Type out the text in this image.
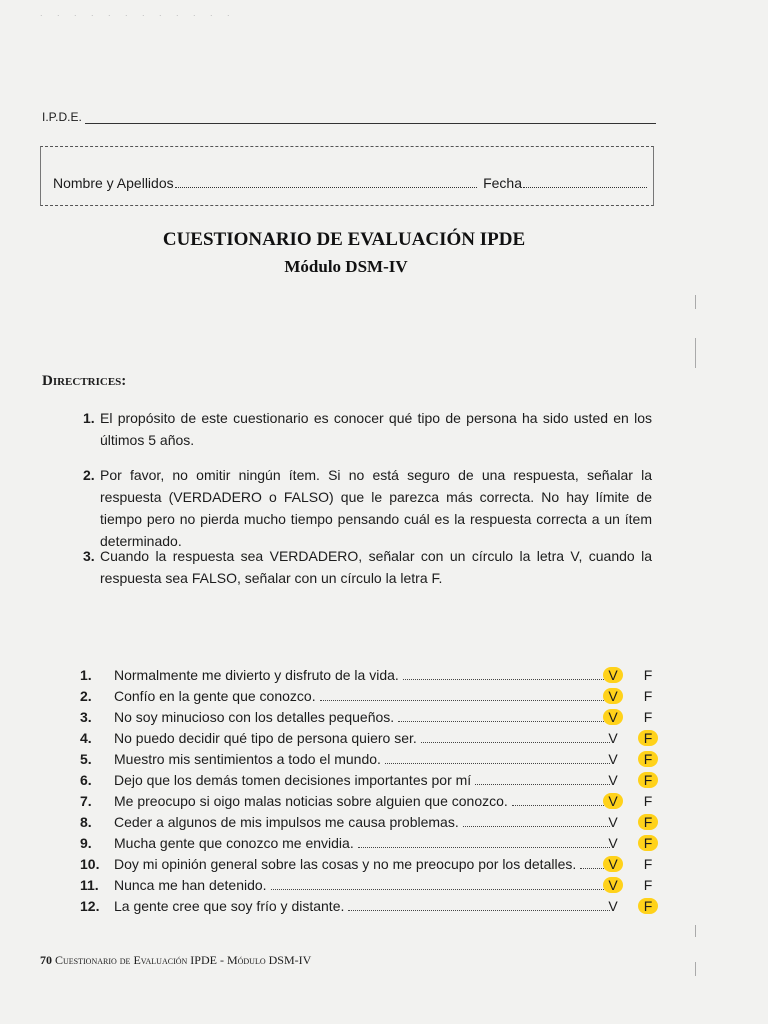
. . . . . . . . . . . .
I.P.D.E.
Nombre y Apellidos	Fecha
CUESTIONARIO DE EVALUACIÓN IPDE
Módulo DSM-IV
Directrices:
1. El propósito de este cuestionario es conocer qué tipo de persona ha sido usted en los últimos 5 años.
2. Por favor, no omitir ningún ítem. Si no está seguro de una respuesta, señalar la respuesta (VERDADERO o FALSO) que le parezca más correcta. No hay límite de tiempo pero no pierda mucho tiempo pensando cuál es la respuesta correcta a un ítem determinado.
3. Cuando la respuesta sea VERDADERO, señalar con un círculo la letra V, cuando la respuesta sea FALSO, señalar con un círculo la letra F.
1.	Normalmente me divierto y disfruto de la vida.	V	F
2.	Confío en la gente que conozco.	V	F
3.	No soy minucioso con los detalles pequeños.	V	F
4.	No puedo decidir qué tipo de persona quiero ser.	V	F
5.	Muestro mis sentimientos a todo el mundo.	V	F
6.	Dejo que los demás tomen decisiones importantes por mí	V	F
7.	Me preocupo si oigo malas noticias sobre alguien que conozco.	V	F
8.	Ceder a algunos de mis impulsos me causa problemas.	V	F
9.	Mucha gente que conozco me envidia.	V	F
10.	Doy mi opinión general sobre las cosas y no me preocupo por los detalles.	V	F
11.	Nunca me han detenido.	V	F
12.	La gente cree que soy frío y distante.	V	F
70 Cuestionario de Evaluación IPDE - Módulo DSM-IV
